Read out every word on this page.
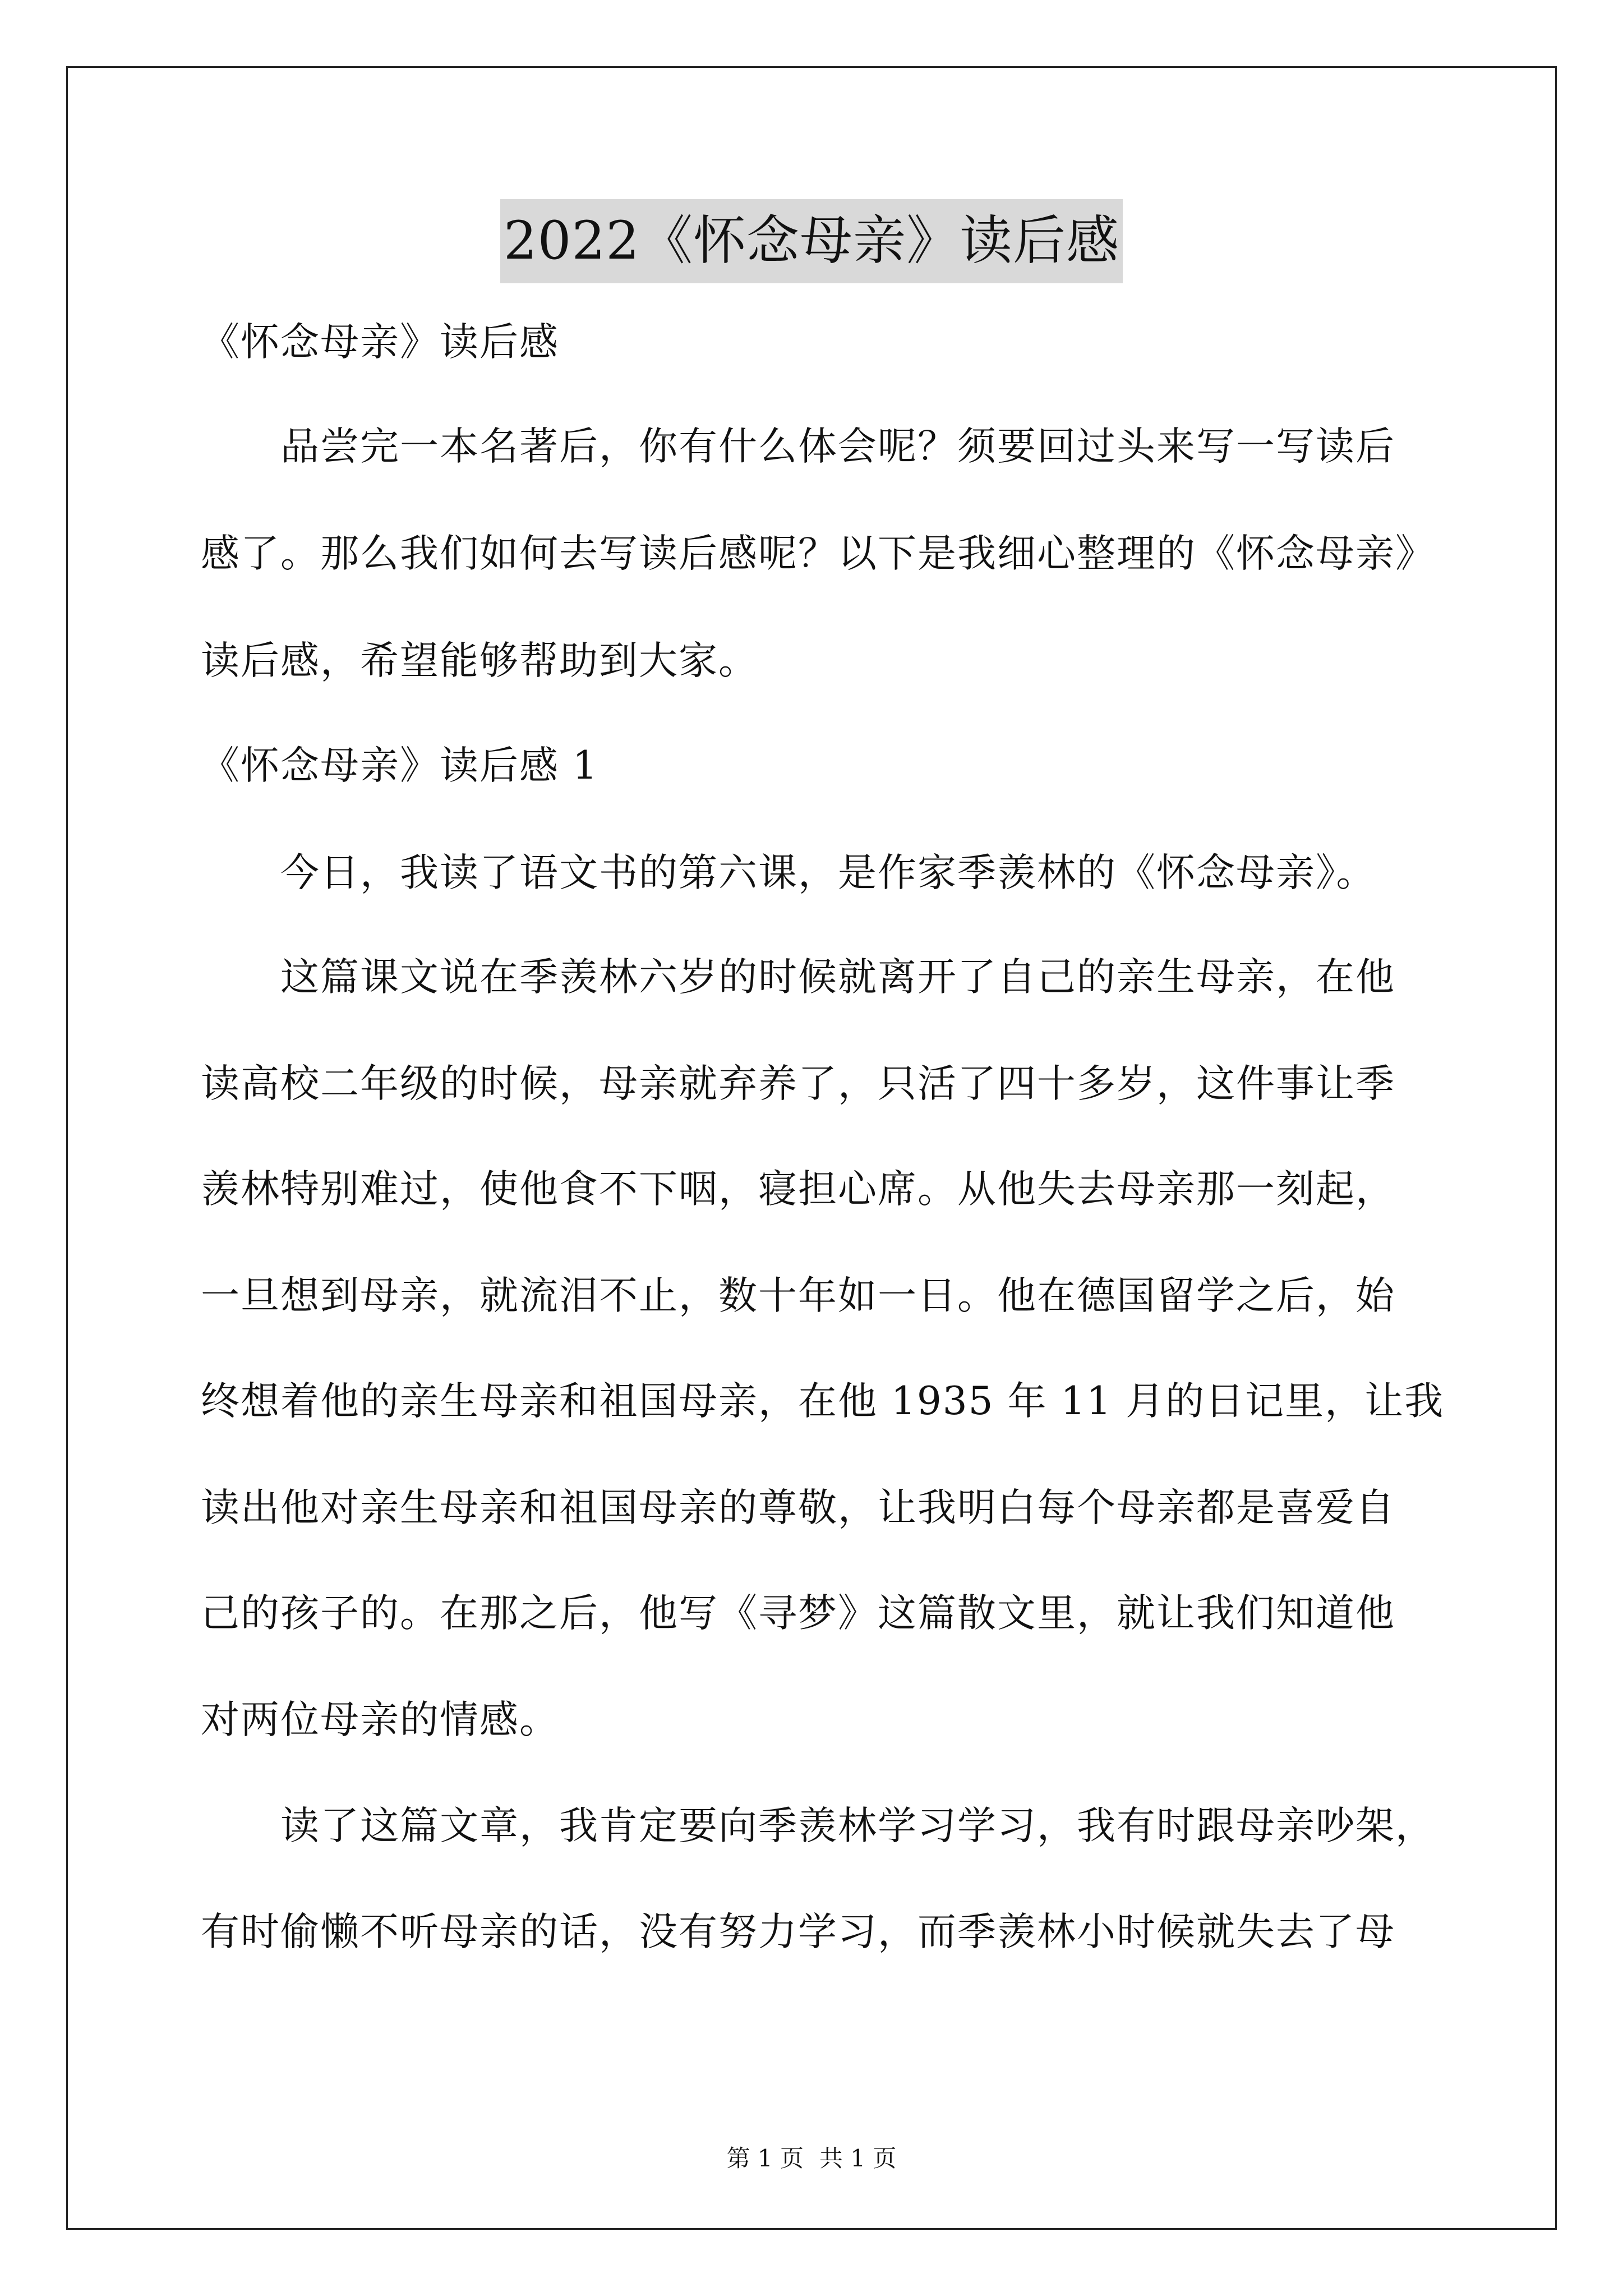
2022《怀念母亲》读后感
《怀念母亲》读后感
　　品尝完一本名著后，你有什么体会呢？须要回过头来写一写读后
感了。那么我们如何去写读后感呢？以下是我细心整理的《怀念母亲》
读后感，希望能够帮助到大家。
《怀念母亲》读后感 1
　　今日，我读了语文书的第六课，是作家季羡林的《怀念母亲》。
　　这篇课文说在季羡林六岁的时候就离开了自己的亲生母亲，在他
读高校二年级的时候，母亲就弃养了，只活了四十多岁，这件事让季
羡林特别难过，使他食不下咽，寝担心席。从他失去母亲那一刻起，
一旦想到母亲，就流泪不止，数十年如一日。他在德国留学之后，始
终想着他的亲生母亲和祖国母亲，在他 1935 年 11 月的日记里，让我
读出他对亲生母亲和祖国母亲的尊敬，让我明白每个母亲都是喜爱自
己的孩子的。在那之后，他写《寻梦》这篇散文里，就让我们知道他
对两位母亲的情感。
　　读了这篇文章，我肯定要向季羡林学习学习，我有时跟母亲吵架，
有时偷懒不听母亲的话，没有努力学习，而季羡林小时候就失去了母
第 1 页 共 1 页
